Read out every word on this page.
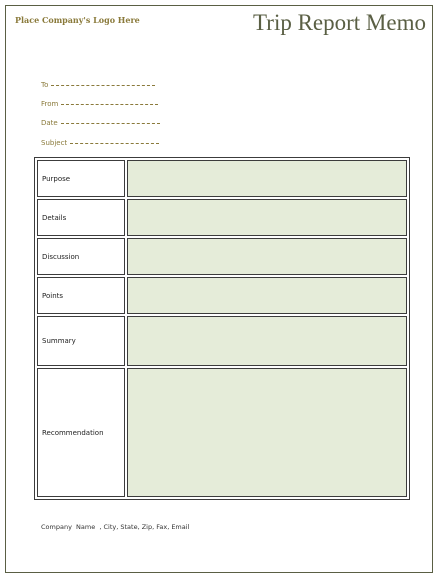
Place Company's Logo Here	Trip Report Memo
To
From
Date
Subject
Purpose
Details
Discussion
Points
Summary
Recommendation
Company  Name  , City, State, Zip, Fax, Email
